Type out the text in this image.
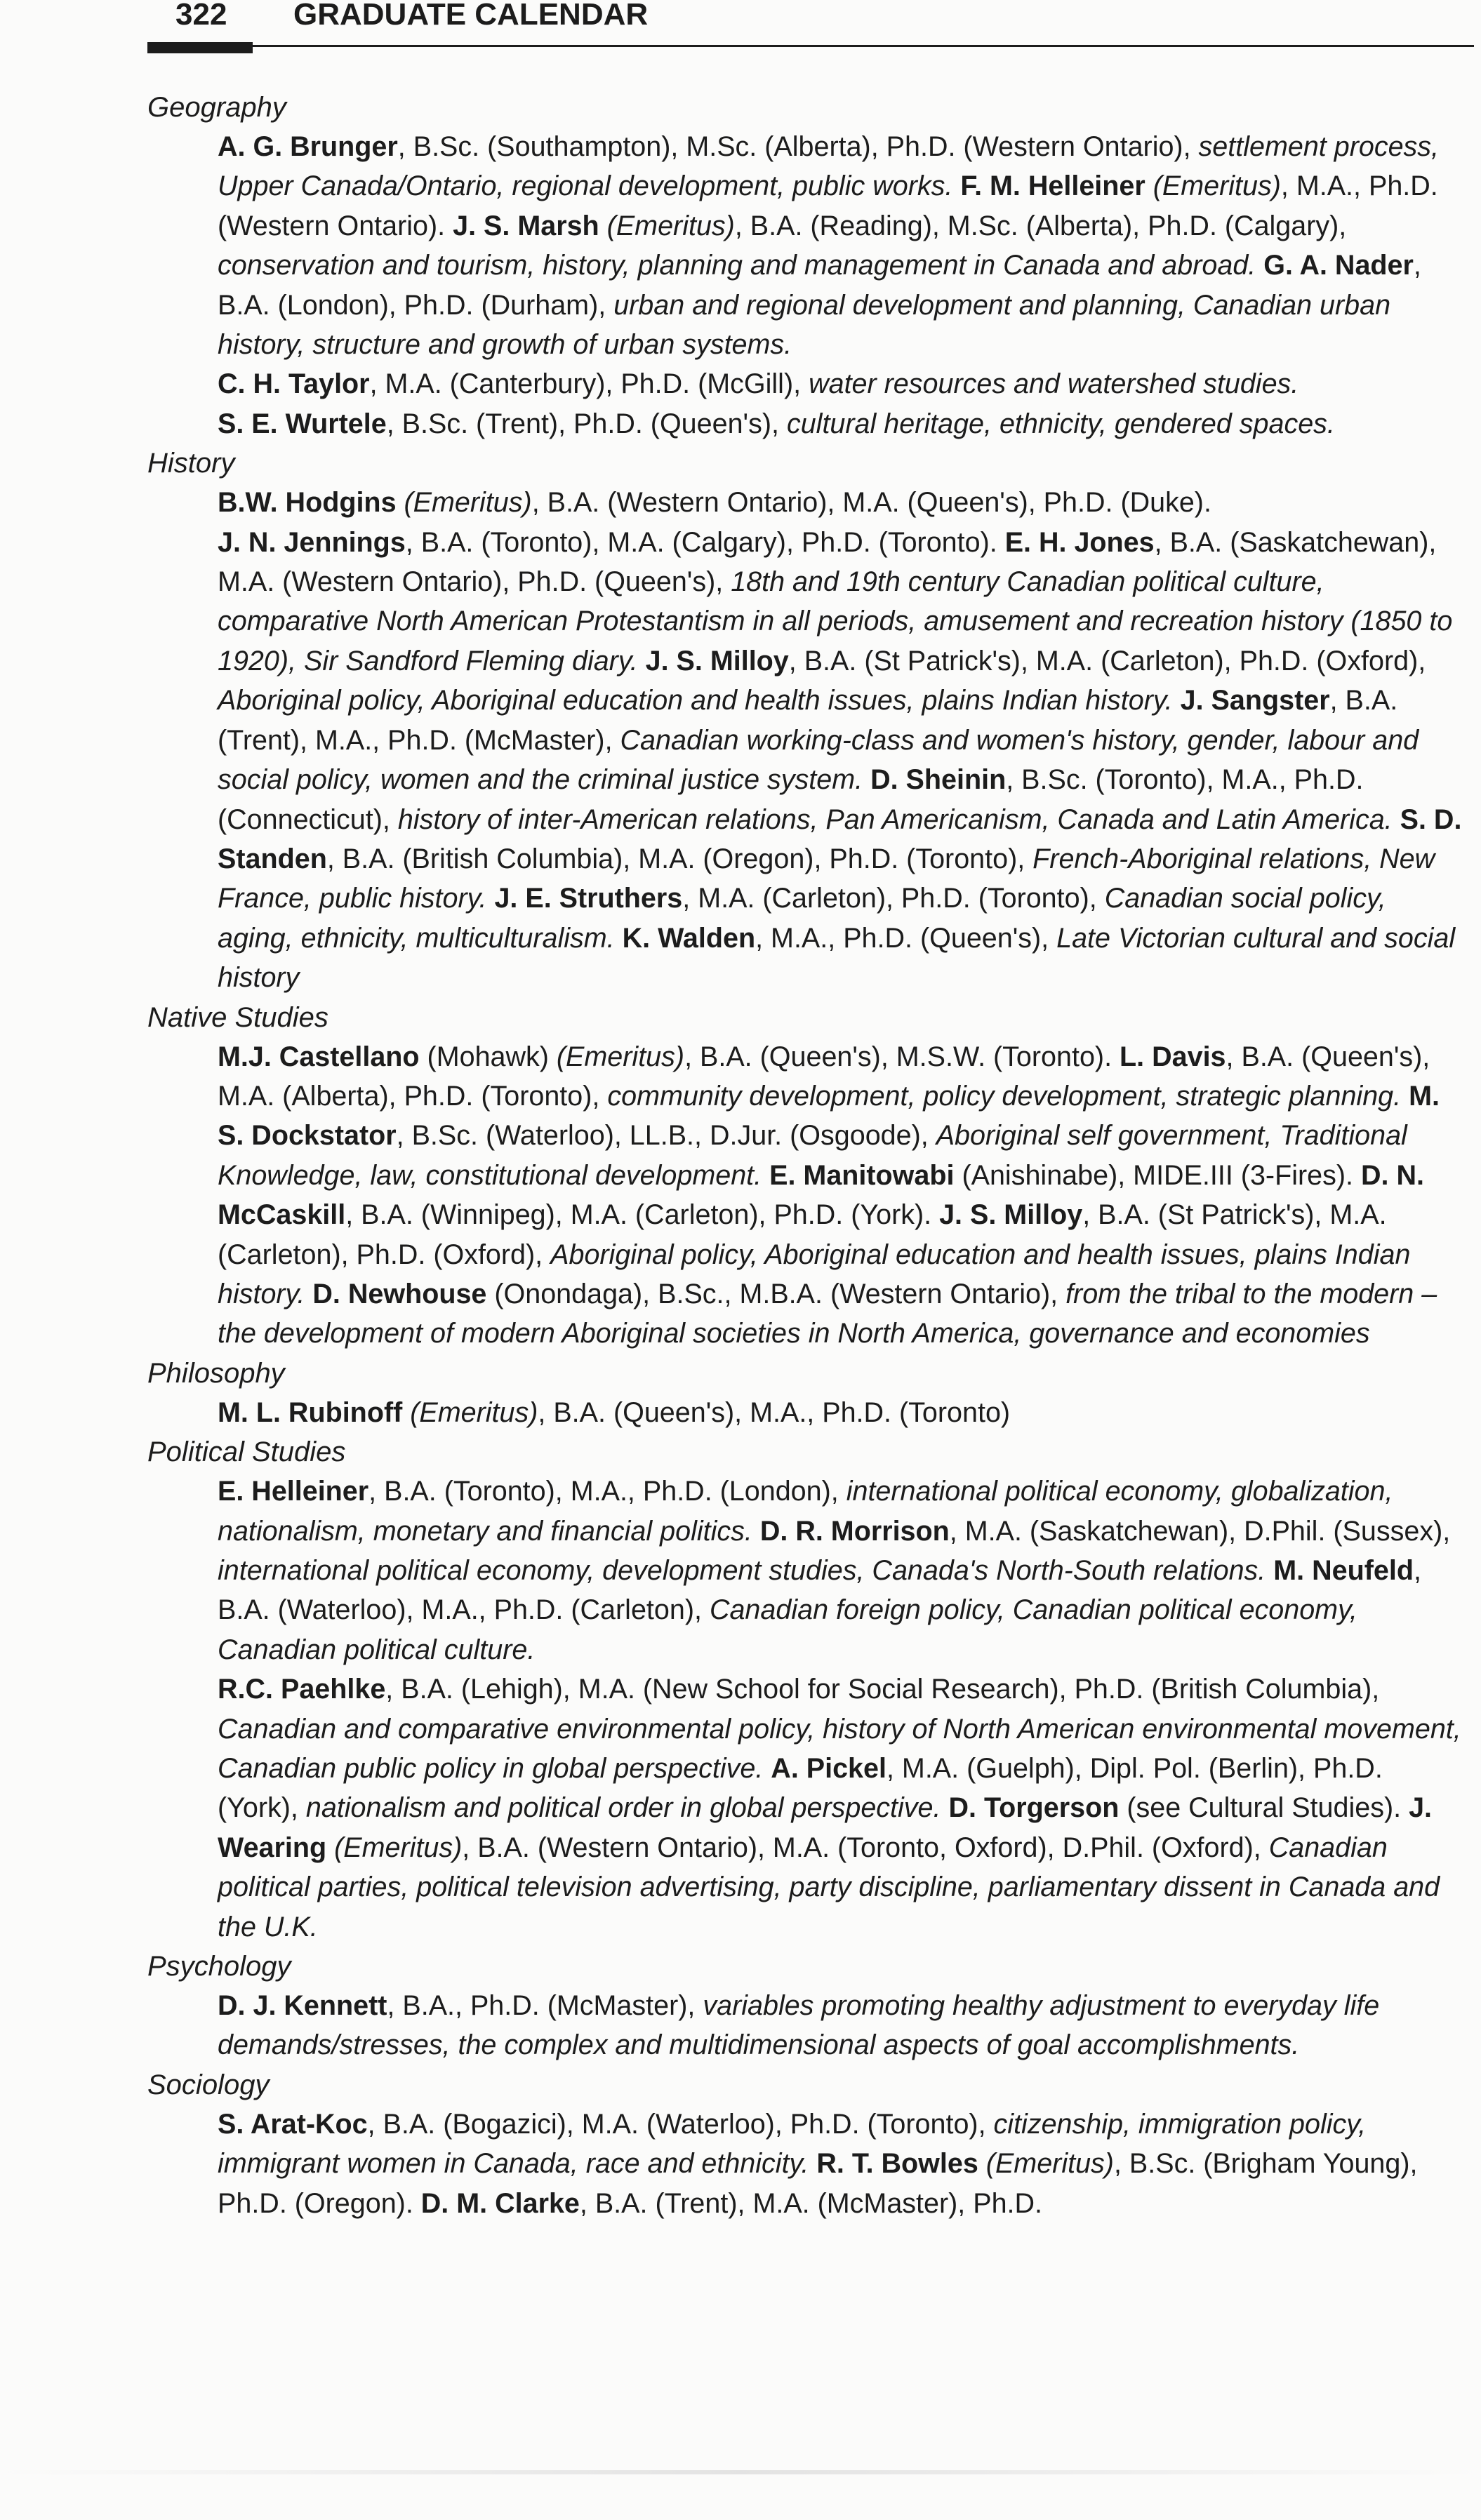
322 GRADUATE CALENDAR
Geography

A. G. Brunger, B.Sc. (Southampton), M.Sc. (Alberta), Ph.D. (Western Ontario), settlement process, Upper Canada/Ontario, regional development, public works. F. M. Helleiner (Emeritus), M.A., Ph.D. (Western Ontario). J. S. Marsh (Emeritus), B.A. (Reading), M.Sc. (Alberta), Ph.D. (Calgary), conservation and tourism, history, planning and management in Canada and abroad. G. A. Nader, B.A. (London), Ph.D. (Durham), urban and regional development and planning, Canadian urban history, structure and growth of urban systems.

C. H. Taylor, M.A. (Canterbury), Ph.D. (McGill), water resources and watershed studies.

S. E. Wurtele, B.Sc. (Trent), Ph.D. (Queen's), cultural heritage, ethnicity, gendered spaces.

History

B.W. Hodgins (Emeritus), B.A. (Western Ontario), M.A. (Queen's), Ph.D. (Duke).

J. N. Jennings, B.A. (Toronto), M.A. (Calgary), Ph.D. (Toronto). E. H. Jones, B.A. (Saskatchewan), M.A. (Western Ontario), Ph.D. (Queen's), 18th and 19th century Canadian political culture, comparative North American Protestantism in all periods, amusement and recreation history (1850 to 1920), Sir Sandford Fleming diary. J. S. Milloy, B.A. (St Patrick's), M.A. (Carleton), Ph.D. (Oxford), Aboriginal policy, Aboriginal education and health issues, plains Indian history. J. Sangster, B.A. (Trent), M.A., Ph.D. (McMaster), Canadian working-class and women's history, gender, labour and social policy, women and the criminal justice system. D. Sheinin, B.Sc. (Toronto), M.A., Ph.D. (Connecticut), history of inter-American relations, Pan Americanism, Canada and Latin America. S. D. Standen, B.A. (British Columbia), M.A. (Oregon), Ph.D. (Toronto), French-Aboriginal relations, New France, public history. J. E. Struthers, M.A. (Carleton), Ph.D. (Toronto), Canadian social policy, aging, ethnicity, multiculturalism. K. Walden, M.A., Ph.D. (Queen's), Late Victorian cultural and social history

Native Studies

M.J. Castellano (Mohawk) (Emeritus), B.A. (Queen's), M.S.W. (Toronto). L. Davis, B.A. (Queen's), M.A. (Alberta), Ph.D. (Toronto), community development, policy development, strategic planning. M. S. Dockstator, B.Sc. (Waterloo), LL.B., D.Jur. (Osgoode), Aboriginal self government, Traditional Knowledge, law, constitutional development. E. Manitowabi (Anishinabe), MIDE.III (3-Fires). D. N. McCaskill, B.A. (Winnipeg), M.A. (Carleton), Ph.D. (York). J. S. Milloy, B.A. (St Patrick's), M.A. (Carleton), Ph.D. (Oxford), Aboriginal policy, Aboriginal education and health issues, plains Indian history. D. Newhouse (Onondaga), B.Sc., M.B.A. (Western Ontario), from the tribal to the modern – the development of modern Aboriginal societies in North America, governance and economies

Philosophy

M. L. Rubinoff (Emeritus), B.A. (Queen's), M.A., Ph.D. (Toronto)

Political Studies

E. Helleiner, B.A. (Toronto), M.A., Ph.D. (London), international political economy, globalization, nationalism, monetary and financial politics. D. R. Morrison, M.A. (Saskatchewan), D.Phil. (Sussex), international political economy, development studies, Canada's North-South relations. M. Neufeld, B.A. (Waterloo), M.A., Ph.D. (Carleton), Canadian foreign policy, Canadian political economy, Canadian political culture.

R.C. Paehlke, B.A. (Lehigh), M.A. (New School for Social Research), Ph.D. (British Columbia), Canadian and comparative environmental policy, history of North American environmental movement, Canadian public policy in global perspective. A. Pickel, M.A. (Guelph), Dipl. Pol. (Berlin), Ph.D. (York), nationalism and political order in global perspective. D. Torgerson (see Cultural Studies). J. Wearing (Emeritus), B.A. (Western Ontario), M.A. (Toronto, Oxford), D.Phil. (Oxford), Canadian political parties, political television advertising, party discipline, parliamentary dissent in Canada and the U.K.

Psychology

D. J. Kennett, B.A., Ph.D. (McMaster), variables promoting healthy adjustment to everyday life demands/stresses, the complex and multidimensional aspects of goal accomplishments.

Sociology

S. Arat-Koc, B.A. (Bogazici), M.A. (Waterloo), Ph.D. (Toronto), citizenship, immigration policy, immigrant women in Canada, race and ethnicity. R. T. Bowles (Emeritus), B.Sc. (Brigham Young), Ph.D. (Oregon). D. M. Clarke, B.A. (Trent), M.A. (McMaster), Ph.D.
